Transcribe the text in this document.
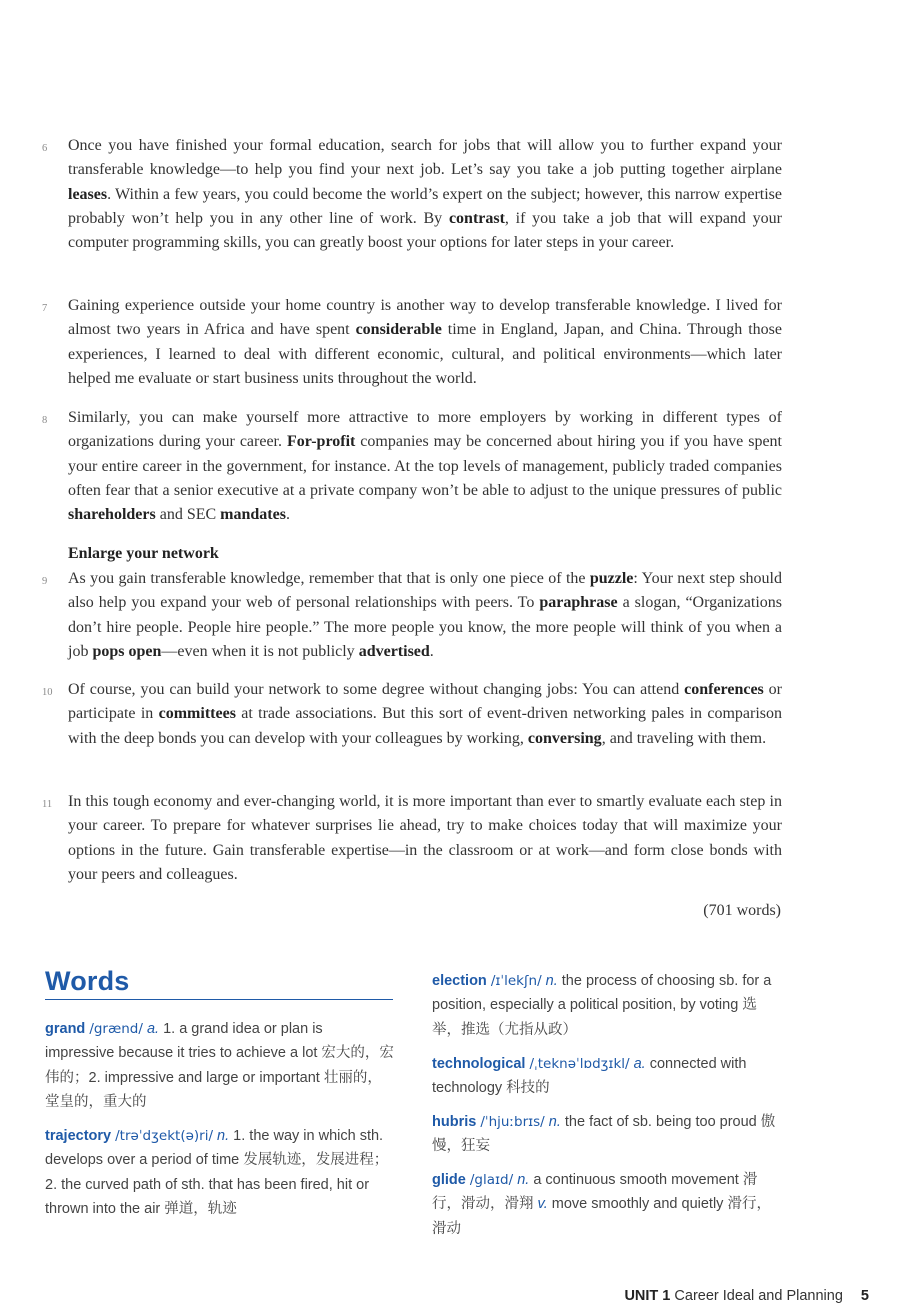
6	Once you have finished your formal education, search for jobs that will allow you to further expand your transferable knowledge—to help you find your next job. Let’s say you take a job putting together airplane leases. Within a few years, you could become the world’s expert on the subject; however, this narrow expertise probably won’t help you in any other line of work. By contrast, if you take a job that will expand your computer programming skills, you can greatly boost your options for later steps in your career.
7	Gaining experience outside your home country is another way to develop transferable knowledge. I lived for almost two years in Africa and have spent considerable time in England, Japan, and China. Through those experiences, I learned to deal with different economic, cultural, and political environments—which later helped me evaluate or start business units throughout the world.
8	Similarly, you can make yourself more attractive to more employers by working in different types of organizations during your career. For-profit companies may be concerned about hiring you if you have spent your entire career in the government, for instance. At the top levels of management, publicly traded companies often fear that a senior executive at a private company won’t be able to adjust to the unique pressures of public shareholders and SEC mandates.
Enlarge your network
9	As you gain transferable knowledge, remember that that is only one piece of the puzzle: Your next step should also help you expand your web of personal relationships with peers. To paraphrase a slogan, “Organizations don’t hire people. People hire people.” The more people you know, the more people will think of you when a job pops open—even when it is not publicly advertised.
10 Of course, you can build your network to some degree without changing jobs: You can attend conferences or participate in committees at trade associations. But this sort of event-driven networking pales in comparison with the deep bonds you can develop with your colleagues by working, conversing, and traveling with them.
11 In this tough economy and ever-changing world, it is more important than ever to smartly evaluate each step in your career. To prepare for whatever surprises lie ahead, try to make choices today that will maximize your options in the future. Gain transferable expertise—in the classroom or at work—and form close bonds with your peers and colleagues.
(701 words)
Words
grand /grænd/ a. 1. a grand idea or plan is impressive because it tries to achieve a lot 宏大的，宏伟的；2. impressive and large or important 壮丽的，堂皇的，重大的
trajectory /trəˈdʒekt(ə)ri/ n. 1. the way in which sth. develops over a period of time 发展轨迹，发展进程；2. the curved path of sth. that has been fired, hit or thrown into the air 弹道，轨迹
election /ɪˈlekʃn/ n. the process of choosing sb. for a position, especially a political position, by voting 选举，推选（尤指从政）
technological /ˌteknəˈlɒdʒɪkl/ a. connected with technology 科技的
hubris /ˈhjuːbrɪs/ n. the fact of sb. being too proud 傲慢，狂妄
glide /glaɪd/ n. a continuous smooth movement 滑行，滑动，滑翔 v. move smoothly and quietly 滑行，滑动
UNIT 1 Career Ideal and Planning 5
